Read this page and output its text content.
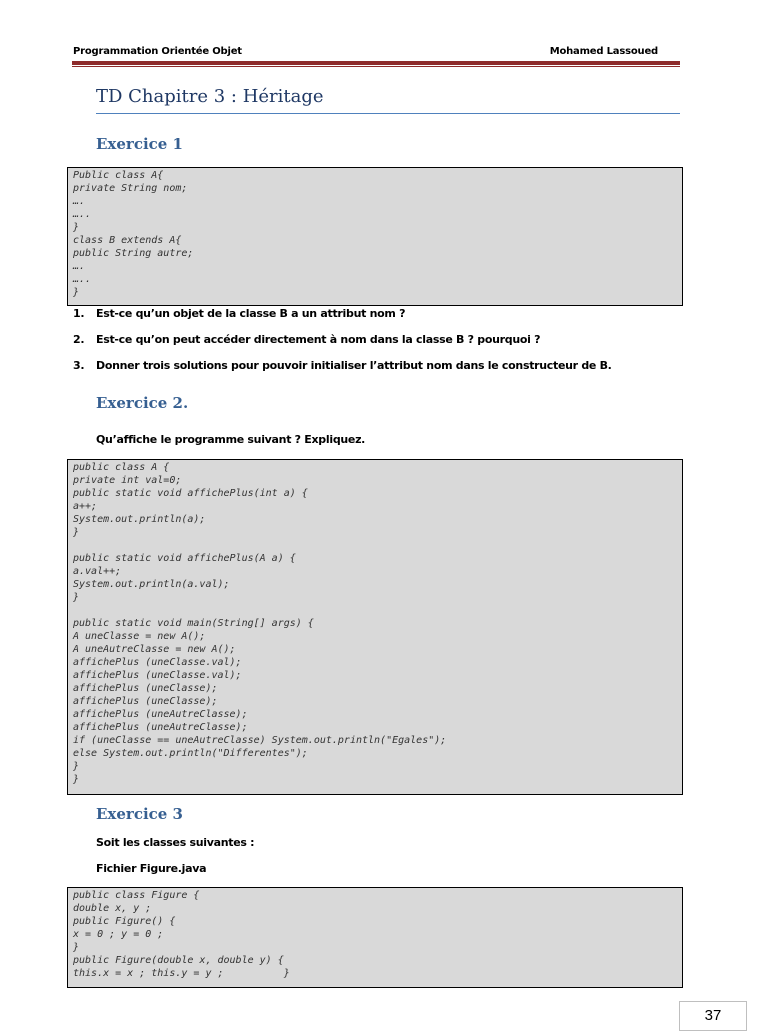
Programmation Orientée Objet	Mohamed Lassoued
TD Chapitre 3 : Héritage
Exercice 1
Public class A{
private String nom;
….
…..
}
class B extends A{
public String autre;
….
…..
}
1. Est-ce qu’un objet de la classe B a un attribut nom ?
2. Est-ce qu’on peut accéder directement à nom dans la classe B ? pourquoi ?
3. Donner trois solutions pour pouvoir initialiser l’attribut nom dans le constructeur de B.
Exercice 2.
Qu’affiche le programme suivant ? Expliquez.
public class A {
private int val=0;
public static void affichePlus(int a) {
a++;
System.out.println(a);
}

public static void affichePlus(A a) {
a.val++;
System.out.println(a.val);
}

public static void main(String[] args) {
A uneClasse = new A();
A uneAutreClasse = new A();
affichePlus (uneClasse.val);
affichePlus (uneClasse.val);
affichePlus (uneClasse);
affichePlus (uneClasse);
affichePlus (uneAutreClasse);
affichePlus (uneAutreClasse);
if (uneClasse == uneAutreClasse) System.out.println("Egales");
else System.out.println("Differentes");
}
}
Exercice 3
Soit les classes suivantes :
Fichier Figure.java
public class Figure {
double x, y ;
public Figure() {
x = 0 ; y = 0 ;
}
public Figure(double x, double y) {
this.x = x ; this.y = y ;          }
37
